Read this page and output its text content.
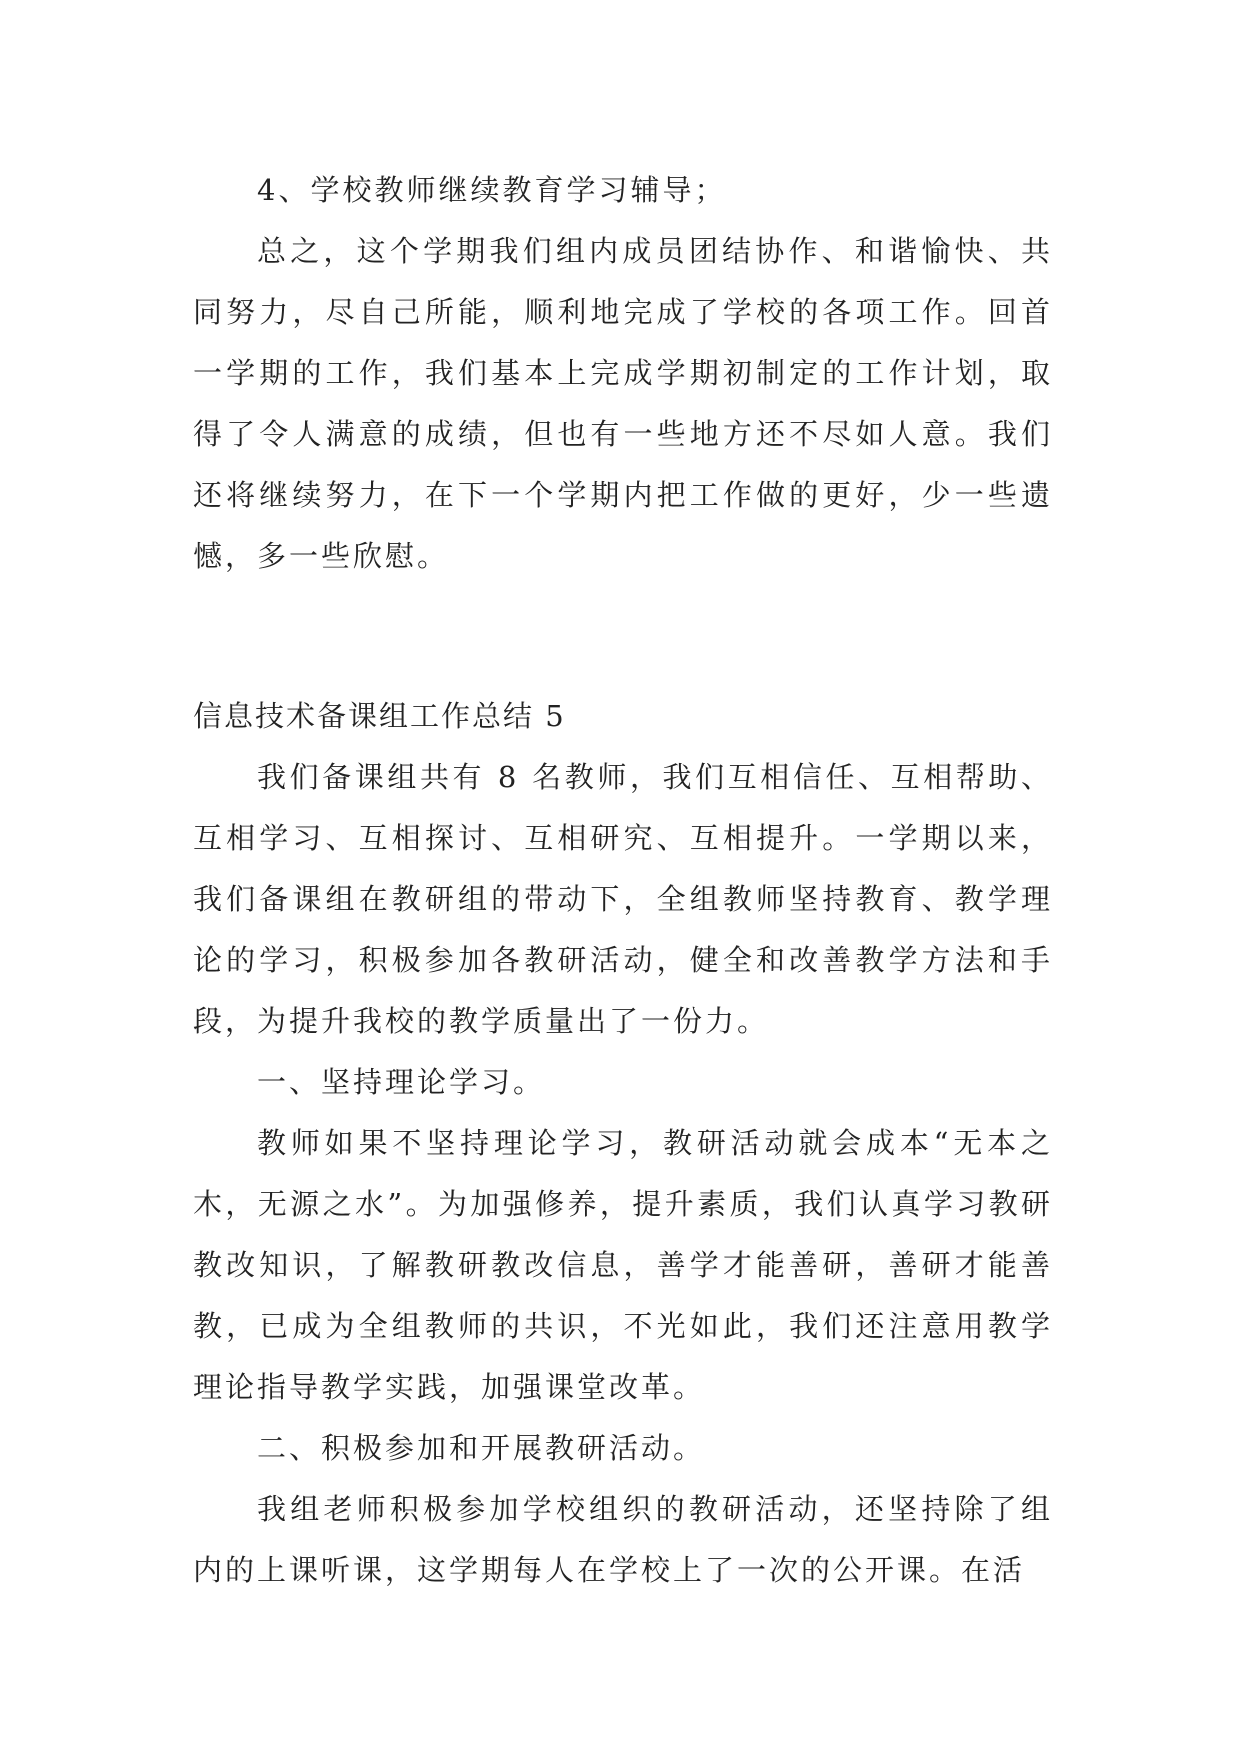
4、学校教师继续教育学习辅导；

总之，这个学期我们组内成员团结协作、和谐愉快、共同努力，尽自己所能，顺利地完成了学校的各项工作。回首一学期的工作，我们基本上完成学期初制定的工作计划，取得了令人满意的成绩，但也有一些地方还不尽如人意。我们还将继续努力，在下一个学期内把工作做的更好，少一些遗憾，多一些欣慰。

信息技术备课组工作总结 5

我们备课组共有 8 名教师，我们互相信任、互相帮助、互相学习、互相探讨、互相研究、互相提升。一学期以来，我们备课组在教研组的带动下，全组教师坚持教育、教学理论的学习，积极参加各教研活动，健全和改善教学方法和手段，为提升我校的教学质量出了一份力。

一、坚持理论学习。

教师如果不坚持理论学习，教研活动就会成本“无本之木，无源之水”。为加强修养，提升素质，我们认真学习教研教改知识，了解教研教改信息，善学才能善研，善研才能善教，已成为全组教师的共识，不光如此，我们还注意用教学理论指导教学实践，加强课堂改革。

二、积极参加和开展教研活动。

我组老师积极参加学校组织的教研活动，还坚持除了组内的上课听课，这学期每人在学校上了一次的公开课。在活
